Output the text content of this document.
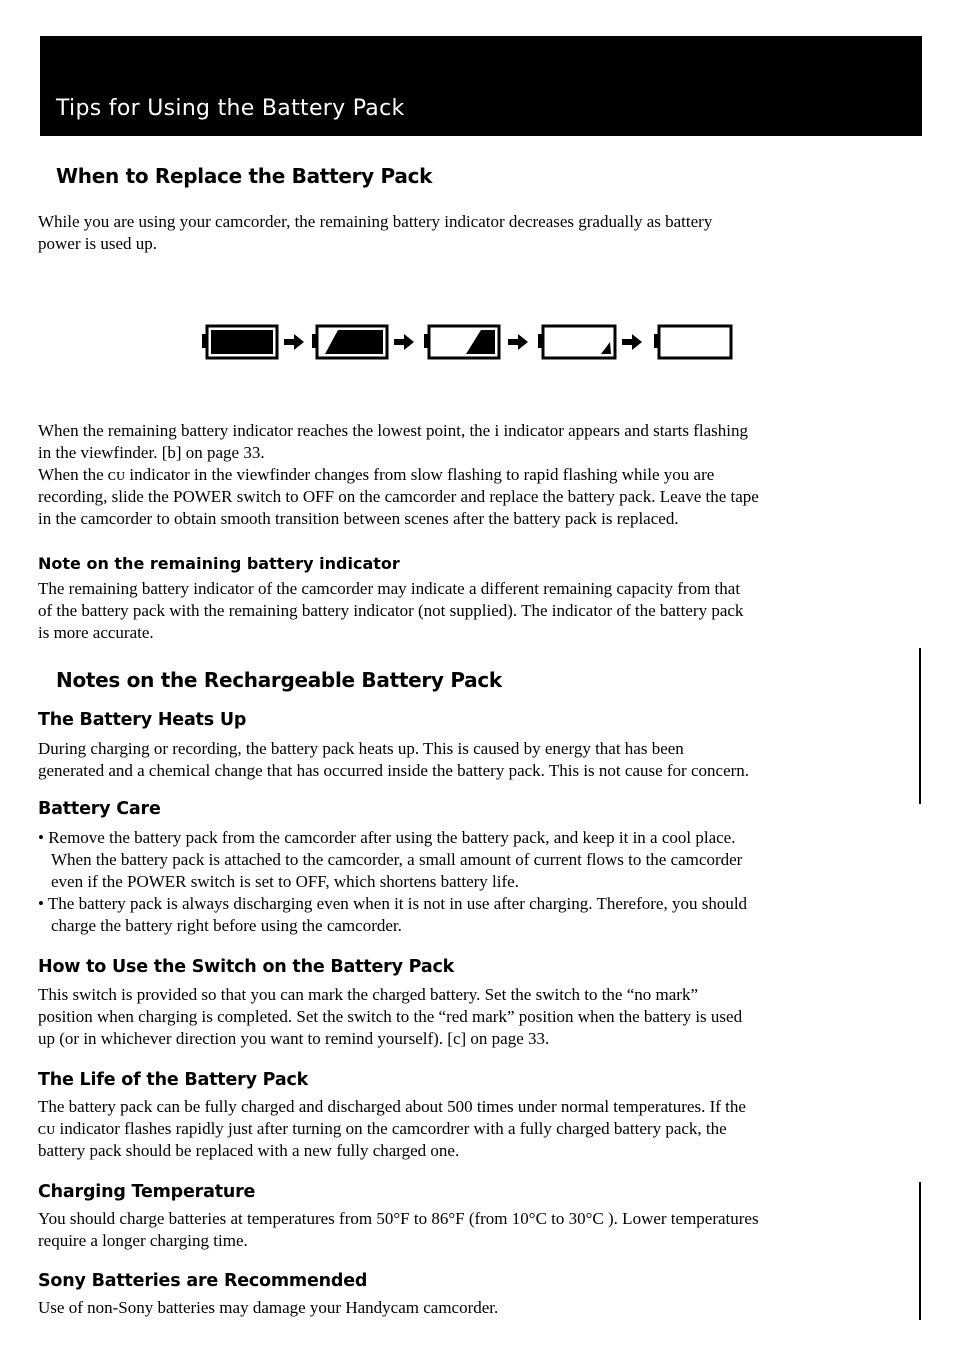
Tips for Using the Battery Pack
When to Replace the Battery Pack
While you are using your camcorder, the remaining battery indicator decreases gradually as battery
power is used up.
When the remaining battery indicator reaches the lowest point, the i indicator appears and starts flashing
in the viewfinder. [b] on page 33.
When the ᴄᴜ indicator in the viewfinder changes from slow flashing to rapid flashing while you are
recording, slide the POWER switch to OFF on the camcorder and replace the battery pack. Leave the tape
in the camcorder to obtain smooth transition between scenes after the battery pack is replaced.
Note on the remaining battery indicator
The remaining battery indicator of the camcorder may indicate a different remaining capacity from that
of the battery pack with the remaining battery indicator (not supplied). The indicator of the battery pack
is more accurate.
Notes on the Rechargeable Battery Pack
The Battery Heats Up
During charging or recording, the battery pack heats up. This is caused by energy that has been
generated and a chemical change that has occurred inside the battery pack. This is not cause for concern.
Battery Care
• Remove the battery pack from the camcorder after using the battery pack, and keep it in a cool place.
When the battery pack is attached to the camcorder, a small amount of current flows to the camcorder
even if the POWER switch is set to OFF, which shortens battery life.
• The battery pack is always discharging even when it is not in use after charging. Therefore, you should
charge the battery right before using the camcorder.
How to Use the Switch on the Battery Pack
This switch is provided so that you can mark the charged battery. Set the switch to the “no mark”
position when charging is completed. Set the switch to the “red mark” position when the battery is used
up (or in whichever direction you want to remind yourself). [c] on page 33.
The Life of the Battery Pack
The battery pack can be fully charged and discharged about 500 times under normal temperatures. If the
ᴄᴜ indicator flashes rapidly just after turning on the camcordrer with a fully charged battery pack, the
battery pack should be replaced with a new fully charged one.
Charging Temperature
You should charge batteries at temperatures from 50°F to 86°F (from 10°C to 30°C ). Lower temperatures
require a longer charging time.
Sony Batteries are Recommended
Use of non-Sony batteries may damage your Handycam camcorder.
